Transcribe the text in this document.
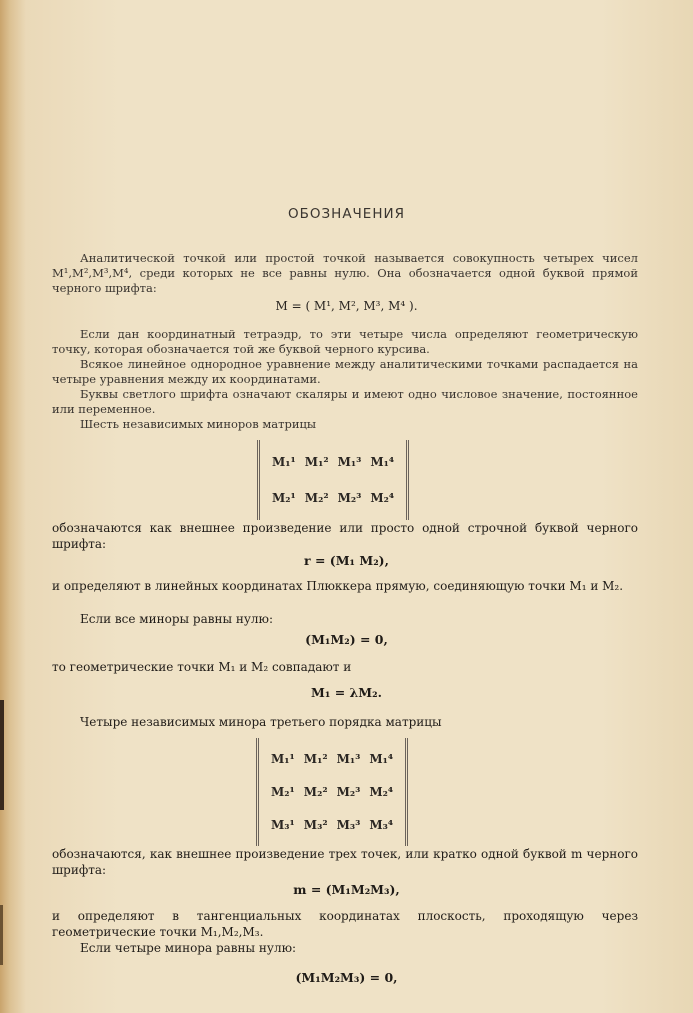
ОБОЗНАЧЕНИЯ
Аналитической точкой или простой точкой называется совокупность четырех чисел M¹,M²,M³,M⁴, среди которых не все равны нулю. Она обозначается одной буквой прямой черного шрифта:
M = ( M¹, M², M³, M⁴ ).
Если дан координатный тетраэдр, то эти четыре числа определяют геометрическую точку, которая обозначается той же буквой черного курсива.
Всякое линейное однородное уравнение между аналитическими точками распадается на четыре уравнения между их координатами.
Буквы светлого шрифта означают скаляры и имеют одно числовое значение, постоянное или переменное.
Шесть независимых миноров матрицы
M₁¹ M₁² M₁³ M₁⁴
M₂¹ M₂² M₂³ M₂⁴
обозначаются как внешнее произведение или просто одной строчной буквой черного шрифта:
r = (M₁ M₂),
и определяют в линейных координатах Плюккера прямую, соединяющую точки M₁ и M₂.
Если все миноры равны нулю:
(M₁M₂) = 0,
то геометрические точки M₁ и M₂ совпадают и
M₁ = λM₂.
Четыре независимых минора третьего порядка матрицы
M₁¹ M₁² M₁³ M₁⁴
M₂¹ M₂² M₂³ M₂⁴
M₃¹ M₃² M₃³ M₃⁴
обозначаются, как внешнее произведение трех точек, или кратко одной буквой m черного шрифта:
m = (M₁M₂M₃),
и определяют в тангенциальных координатах плоскость, проходящую через геометрические точки M₁,M₂,M₃.
Если четыре минора равны нулю:
(M₁M₂M₃) = 0,
